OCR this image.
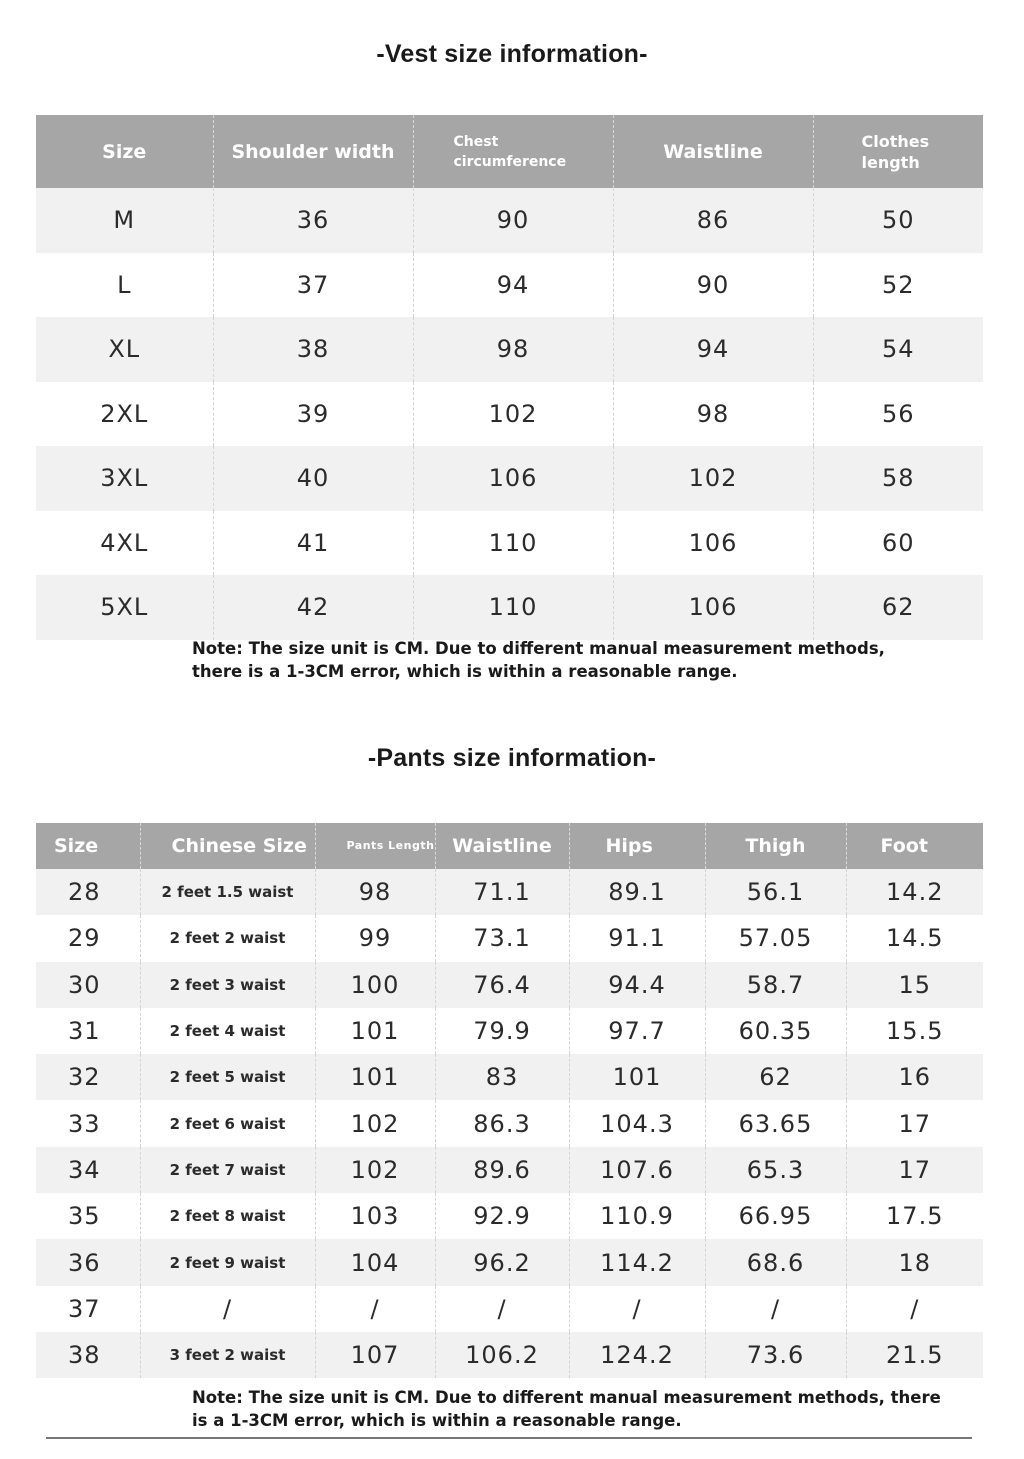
-Vest size information-
Size	Shoulder width	Chest circumference	Waistline	Clothes length
M	36	90	86	50
L	37	94	90	52
XL	38	98	94	54
2XL	39	102	98	56
3XL	40	106	102	58
4XL	41	110	106	60
5XL	42	110	106	62
Note: The size unit is CM. Due to different manual measurement methods,
there is a 1-3CM error, which is within a reasonable range.
-Pants size information-
Size	Chinese Size	Pants Length	Waistline	Hips	Thigh	Foot
28	2 feet 1.5 waist	98	71.1	89.1	56.1	14.2
29	2 feet 2 waist	99	73.1	91.1	57.05	14.5
30	2 feet 3 waist	100	76.4	94.4	58.7	15
31	2 feet 4 waist	101	79.9	97.7	60.35	15.5
32	2 feet 5 waist	101	83	101	62	16
33	2 feet 6 waist	102	86.3	104.3	63.65	17
34	2 feet 7 waist	102	89.6	107.6	65.3	17
35	2 feet 8 waist	103	92.9	110.9	66.95	17.5
36	2 feet 9 waist	104	96.2	114.2	68.6	18
37	/	/	/	/	/	/
38	3 feet 2 waist	107	106.2	124.2	73.6	21.5
Note: The size unit is CM. Due to different manual measurement methods, there
is a 1-3CM error, which is within a reasonable range.
